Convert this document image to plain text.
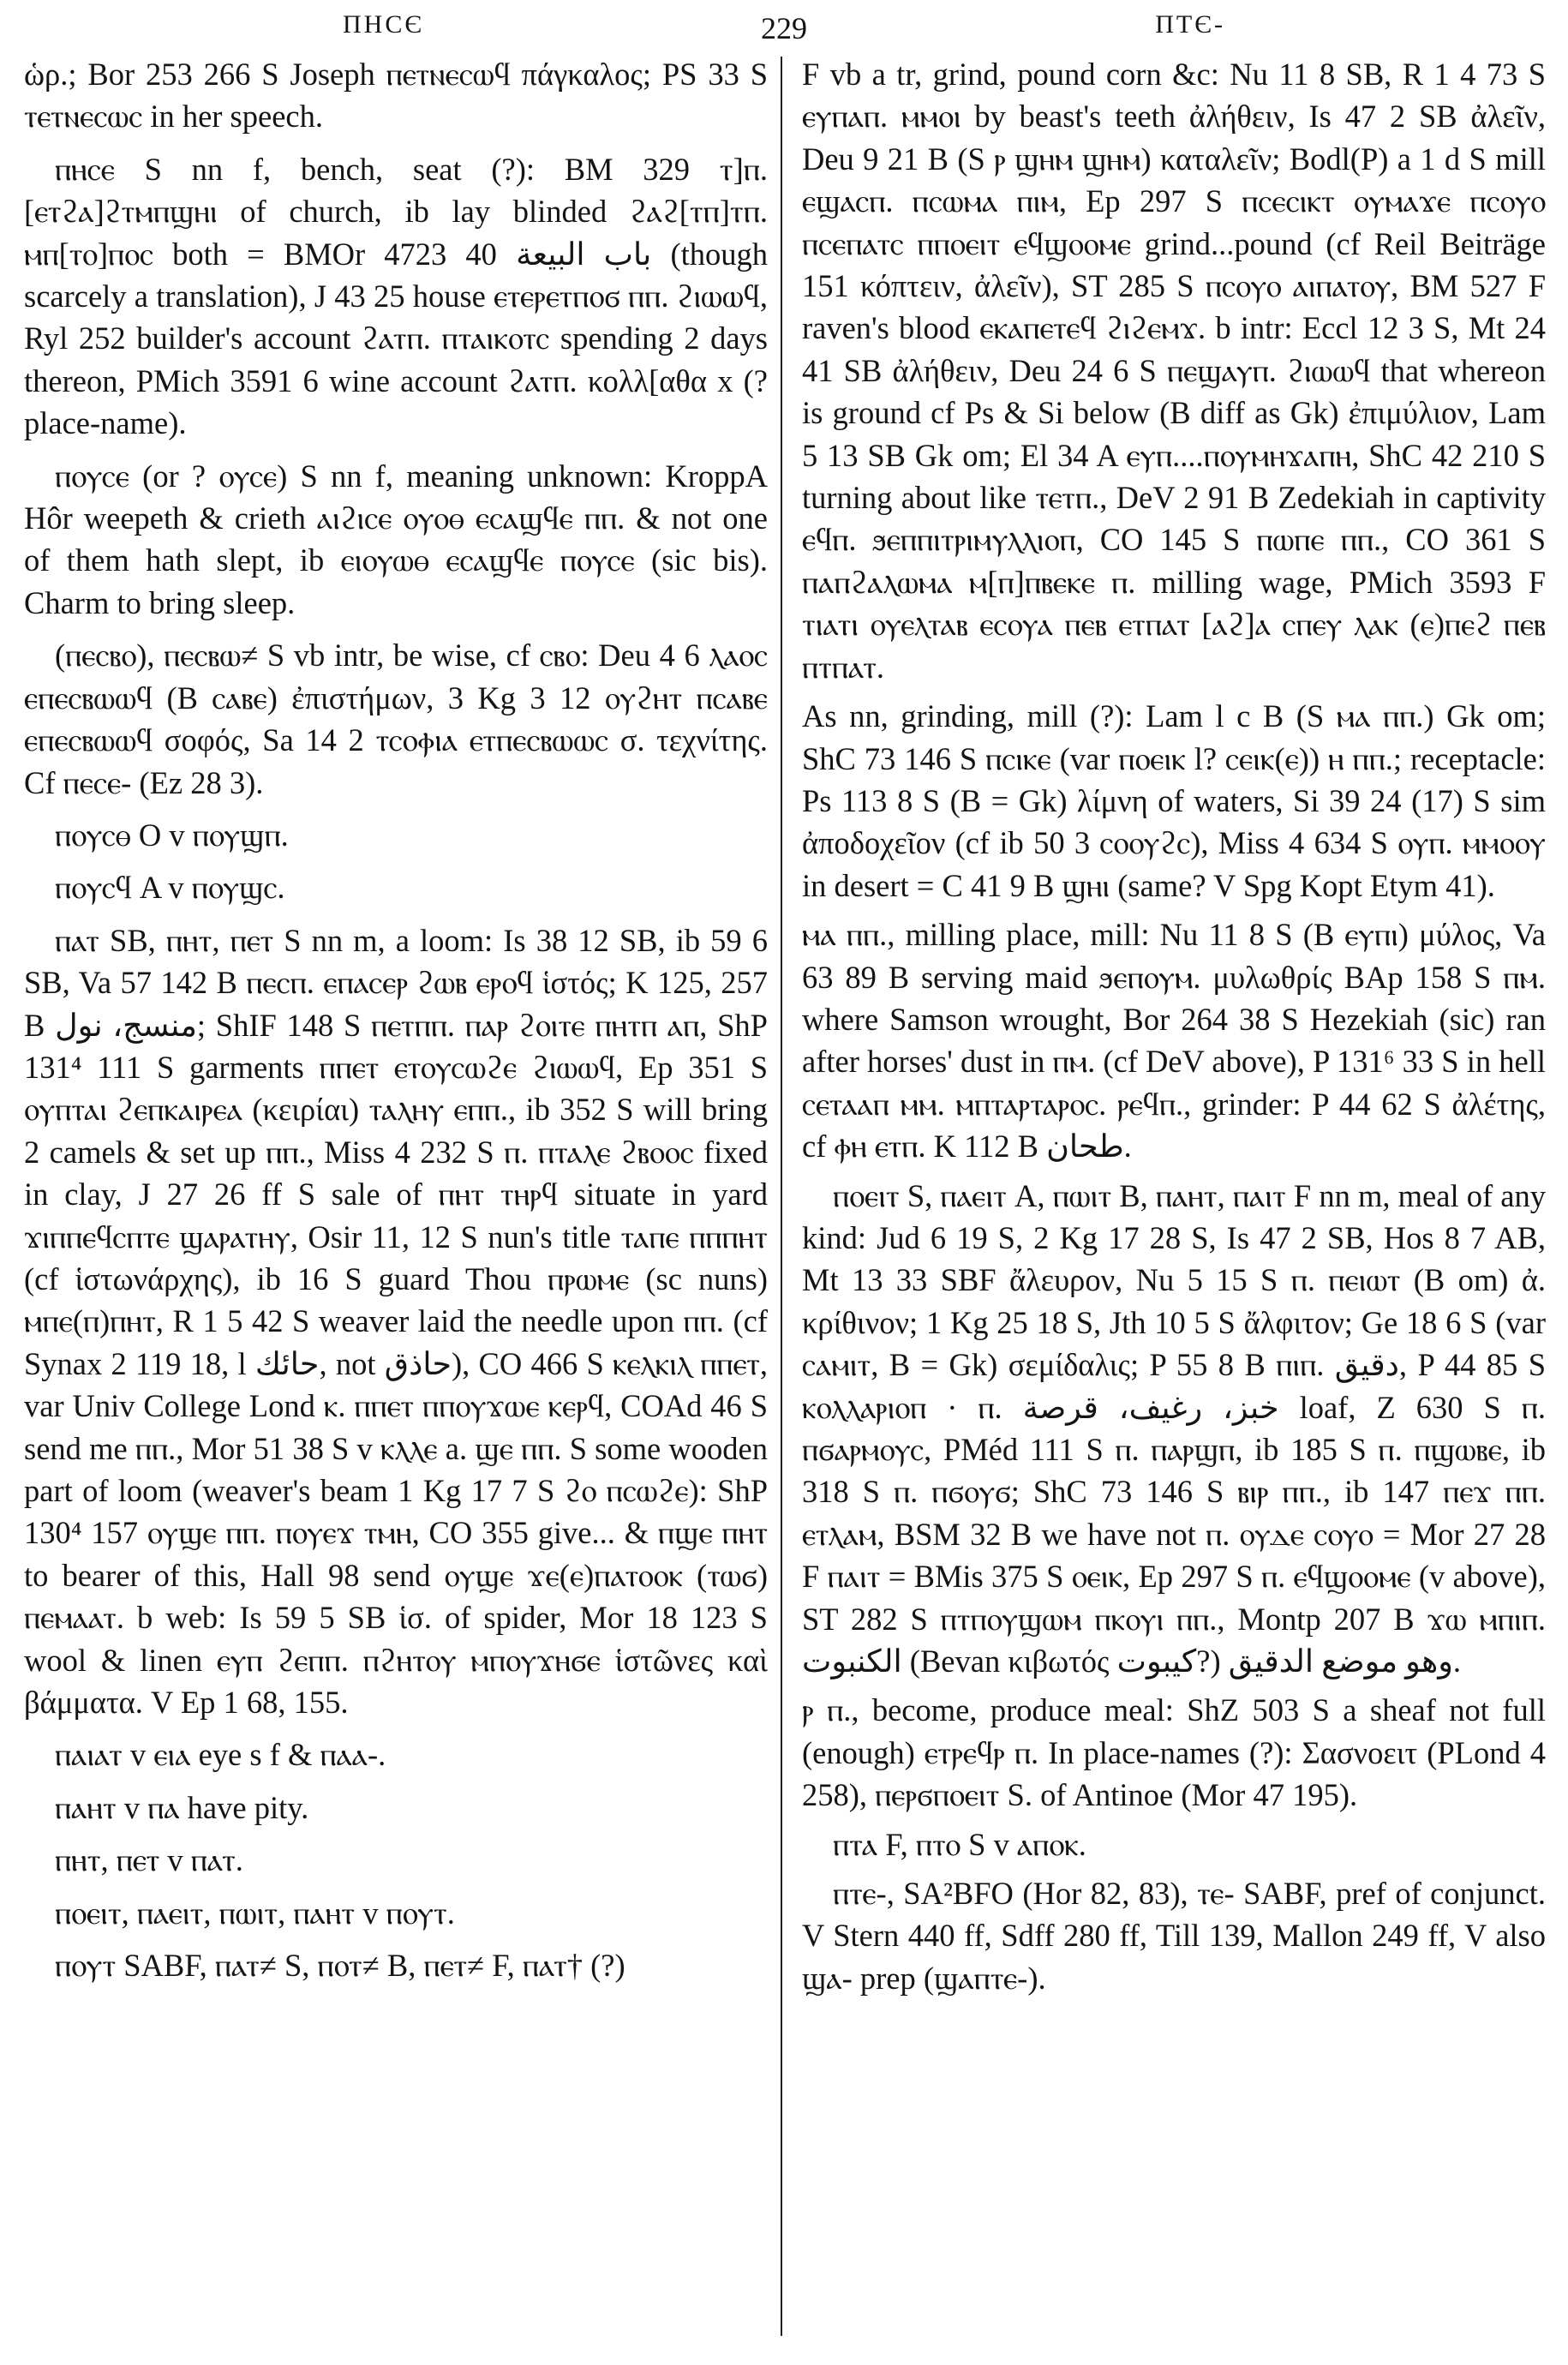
ΠΗCЄ	229	ΠΤЄ-

ὡρ.; Bor 253 266 S Joseph ⲡⲉⲧⲛⲉⲥⲱϥ πάγκαλος; PS 33 S ⲧⲉⲧⲛⲉⲥⲱⲥ in her speech.

ⲡⲏⲥⲉ S nn f, bench, seat (?): BM 329 ⲧ]ⲡ. [ⲉⲧϩⲁ]ϩⲧⲙⲡϣⲏⲓ of church, ib lay blinded ϩⲁϩ[ⲧⲡ]ⲧⲡ. ⲙⲡ[ⲧⲟ]ⲡⲟⲥ both = BMOr 4723 40 باب البيعة (though scarcely a translation), J 43 25 house ⲉⲧⲉⲣⲉⲧⲡⲟϭ ⲡⲡ. ϩⲓⲱⲱϥ, Ryl 252 builder's account ϩⲁⲧⲡ. ⲡⲧⲁⲓⲕⲟⲧⲥ spending 2 days thereon, PMich 3591 6 wine account ϩⲁⲧⲡ. κολλ[αθα x (? place-name).

ⲡⲟⲩⲥⲉ (or ? ⲟⲩⲥⲉ) S nn f, meaning unknown: KroppA Hôr weepeth & crieth ⲁⲓϩⲓⲥⲉ ⲟⲩⲟⲑ ⲉⲥⲁϣϥⲉ ⲡⲡ. & not one of them hath slept, ib ⲉⲓⲟⲩⲱⲑ ⲉⲥⲁϣϥⲉ ⲡⲟⲩⲥⲉ (sic bis). Charm to bring sleep.

(ⲡⲉⲥⲃⲟ), ⲡⲉⲥⲃⲱ≠ S vb intr, be wise, cf ⲥⲃⲟ: Deu 4 6 ⲗⲁⲟⲥ ⲉⲡⲉⲥⲃⲱⲱϥ (B ⲥⲁⲃⲉ) ἐπιστήμων, 3 Kg 3 12 ⲟⲩϩⲏⲧ ⲡⲥⲁⲃⲉ ⲉⲡⲉⲥⲃⲱⲱϥ σοφός, Sa 14 2 ⲧⲥⲟⲫⲓⲁ ⲉⲧⲡⲉⲥⲃⲱⲱⲥ σ. τεχνίτης. Cf ⲡⲉⲥⲉ- (Ez 28 3).

ⲡⲟⲩⲥⲑ O v ⲡⲟⲩϣⲡ.

ⲡⲟⲩⲥϥ A v ⲡⲟⲩϣⲥ.

ⲡⲁⲧ SB, ⲡⲏⲧ, ⲡⲉⲧ S nn m, a loom: Is 38 12 SB, ib 59 6 SB, Va 57 142 B ⲡⲉⲥⲡ. ⲉⲡⲁⲥⲉⲣ ϩⲱⲃ ⲉⲣⲟϥ ἱστός; K 125, 257 B منسج، نول; ShIF 148 S ⲡⲉⲧⲡⲡ. ⲡⲁⲣ ϩⲟⲓⲧⲉ ⲡⲏⲧⲡ ⲁⲡ, ShP 131⁴ 111 S garments ⲡⲡⲉⲧ ⲉⲧⲟⲩⲥⲱϩⲉ ϩⲓⲱⲱϥ, Ep 351 S ⲟⲩⲡⲧⲁⲓ ϩⲉⲡⲕⲁⲓⲣⲉⲁ (κειρίαι) ⲧⲁⲗⲏⲩ ⲉⲡⲡ., ib 352 S will bring 2 camels & set up ⲡⲡ., Miss 4 232 S ⲡ. ⲡⲧⲁⲗⲉ ϩⲃⲟⲟⲥ fixed in clay, J 27 26 ff S sale of ⲡⲏⲧ ⲧⲏⲣϥ situate in yard ϫⲓⲡⲡⲉϥⲥⲡⲧⲉ ϣⲁⲣⲁⲧⲏⲩ, Osir 11, 12 S nun's title ⲧⲁⲡⲉ ⲡⲡⲡⲏⲧ (cf ἱστωνάρχης), ib 16 S guard Thou ⲡⲣⲱⲙⲉ (sc nuns) ⲙⲡⲉ(ⲡ)ⲡⲏⲧ, R 1 5 42 S weaver laid the needle upon ⲡⲡ. (cf Synax 2 119 18, l حائك, not حاذق), CO 466 S ⲕⲉⲗⲕⲓⲗ ⲡⲡⲉⲧ, var Univ College Lond ⲕ. ⲡⲡⲉⲧ ⲡⲡⲟⲩϫⲱⲉ ⲕⲉⲣϥ, COAd 46 S send me ⲡⲡ., Mor 51 38 S v ⲕⲗⲗⲉ a. ϣⲉ ⲡⲡ. S some wooden part of loom (weaver's beam 1 Kg 17 7 S ϩⲟ ⲡⲥⲱϩⲉ): ShP 130⁴ 157 ⲟⲩϣⲉ ⲡⲡ. ⲡⲟⲩⲉϫ ⲧⲙⲏ, CO 355 give... & ⲡϣⲉ ⲡⲏⲧ to bearer of this, Hall 98 send ⲟⲩϣⲉ ϫⲉ(ⲉ)ⲡⲁⲧⲟⲟⲕ (ⲧⲱϭ) ⲡⲉⲙⲁⲁⲧ. b web: Is 59 5 SB ἱσ. of spider, Mor 18 123 S wool & linen ⲉⲩⲡ ϩⲉⲡⲡ. ⲡϩⲏⲧⲟⲩ ⲙⲡⲟⲩϫⲏϭⲉ ἱστῶνες καὶ βάμματα. V Ep 1 68, 155.

ⲡⲁⲓⲁⲧ v ⲉⲓⲁ eye s f & ⲡⲁⲁ-.

ⲡⲁⲏⲧ v ⲡⲁ have pity.

ⲡⲏⲧ, ⲡⲉⲧ v ⲡⲁⲧ.

ⲡⲟⲉⲓⲧ, ⲡⲁⲉⲓⲧ, ⲡⲱⲓⲧ, ⲡⲁⲏⲧ v ⲡⲟⲩⲧ.

ⲡⲟⲩⲧ SABF, ⲡⲁⲧ≠ S, ⲡⲟⲧ≠ B, ⲡⲉⲧ≠ F, ⲡⲁⲧ† (?)

F vb a tr, grind, pound corn &c: Nu 11 8 SB, R 1 4 73 S ⲉⲩⲡⲁⲡ. ⲙⲙⲟⲓ by beast's teeth ἀλήθειν, Is 47 2 SB ἀλεῖν, Deu 9 21 B (S ⲣ ϣⲏⲙ ϣⲏⲙ) καταλεῖν; Bodl(P) a 1 d S mill ⲉϣⲁⲥⲡ. ⲡⲥⲱⲙⲁ ⲡⲓⲙ, Ep 297 S ⲡⲥⲉⲥⲓⲕⲧ ⲟⲩⲙⲁϫⲉ ⲡⲥⲟⲩⲟ ⲡⲥⲉⲡⲁⲧⲥ ⲡⲡⲟⲉⲓⲧ ⲉϥϣⲟⲟⲙⲉ grind...pound (cf Reil Beiträge 151 κόπτειν, ἀλεῖν), ST 285 S ⲡⲥⲟⲩⲟ ⲁⲓⲡⲁⲧⲟⲩ, BM 527 F raven's blood ⲉⲕⲁⲡⲉⲧⲉϥ ϩⲓϩⲉⲙϫ. b intr: Eccl 12 3 S, Mt 24 41 SB ἀλήθειν, Deu 24 6 S ⲡⲉϣⲁⲩⲡ. ϩⲓⲱⲱϥ that whereon is ground cf Ps & Si below (B diff as Gk) ἐπιμύλιον, Lam 5 13 SB Gk om; El 34 A ⲉⲩⲡ....ⲡⲟⲩⲙⲏϫⲁⲡⲏ, ShC 42 210 S turning about like ⲧⲉⲧⲡ., DeV 2 91 B Zedekiah in captivity ⲉϥⲡ. ϧⲉⲡⲡⲓⲧⲣⲓⲙⲩⲗⲗⲓⲟⲡ, CO 145 S ⲡⲱⲡⲉ ⲡⲡ., CO 361 S ⲡⲁⲡϩⲁⲗⲱⲙⲁ ⲙ[ⲡ]ⲡⲃⲉⲕⲉ ⲡ. milling wage, PMich 3593 F ⲧⲓⲁⲧⲓ ⲟⲩⲉⲗⲧⲁⲃ ⲉⲥⲟⲩⲁ ⲡⲉⲃ ⲉⲧⲡⲁⲧ [ⲁϩ]ⲁ ⲥⲡⲉⲩ ⲗⲁⲕ (ⲉ)ⲡⲉϩ ⲡⲉⲃ ⲡⲧⲡⲁⲧ.

As nn, grinding, mill (?): Lam l c B (S ⲙⲁ ⲡⲡ.) Gk om; ShC 73 146 S ⲡⲥⲓⲕⲉ (var ⲡⲟⲉⲓⲕ l? ⲥⲉⲓⲕ(ⲉ)) ⲏ ⲡⲡ.; receptacle: Ps 113 8 S (B = Gk) λίμνη of waters, Si 39 24 (17) S sim ἀποδοχεῖον (cf ib 50 3 ⲥⲟⲟⲩϩⲥ), Miss 4 634 S ⲟⲩⲡ. ⲙⲙⲟⲟⲩ in desert = C 41 9 B ϣⲏⲓ (same? V Spg Kopt Etym 41).

ⲙⲁ ⲡⲡ., milling place, mill: Nu 11 8 S (B ⲉⲩⲡⲓ) μύλος, Va 63 89 B serving maid ϧⲉⲡⲟⲩⲙ. μυλωθρίς BAp 158 S ⲡⲙ. where Samson wrought, Bor 264 38 S Hezekiah (sic) ran after horses' dust in ⲡⲙ. (cf DeV above), P 131⁶ 33 S in hell ⲥⲉⲧⲁⲁⲡ ⲙⲙ. ⲙⲡⲧⲁⲣⲧⲁⲣⲟⲥ. ⲣⲉϥⲡ., grinder: P 44 62 S ἀλέτης, cf ⲫⲏ ⲉⲧⲡ. K 112 B طحان.

ⲡⲟⲉⲓⲧ S, ⲡⲁⲉⲓⲧ A, ⲡⲱⲓⲧ B, ⲡⲁⲏⲧ, ⲡⲁⲓⲧ F nn m, meal of any kind: Jud 6 19 S, 2 Kg 17 28 S, Is 47 2 SB, Hos 8 7 AB, Mt 13 33 SBF ἄλευρον, Nu 5 15 S ⲡ. ⲡⲉⲓⲱⲧ (B om) ἀ. κρίθινον; 1 Kg 25 18 S, Jth 10 5 S ἄλφιτον; Ge 18 6 S (var ⲥⲁⲙⲓⲧ, B = Gk) σεμίδαλις; P 55 8 B ⲡⲓⲡ. دقيق, P 44 85 S ⲕⲟⲗⲗⲁⲣⲓⲟⲡ · ⲡ. خبز، رغيف، قرصة loaf, Z 630 S ⲡ. ⲡϭⲁⲣⲙⲟⲩⲥ, PMéd 111 S ⲡ. ⲡⲁⲣϣⲡ, ib 185 S ⲡ. ⲡϣⲱⲃⲉ, ib 318 S ⲡ. ⲡϭⲟⲩϭ; ShC 73 146 S ⲃⲓⲣ ⲡⲡ., ib 147 ⲡⲉϫ ⲡⲡ. ⲉⲧⲗⲁⲙ, BSM 32 B we have not ⲡ. ⲟⲩⲇⲉ ⲥⲟⲩⲟ = Mor 27 28 F ⲡⲁⲓⲧ = BMis 375 S ⲟⲉⲓⲕ, Ep 297 S ⲡ. ⲉϥϣⲟⲟⲙⲉ (v above), ST 282 S ⲡⲧⲡⲟⲩϣⲱⲙ ⲡⲕⲟⲩⲓ ⲡⲡ., Montp 207 B ϫⲱ ⲙⲡⲓⲡ. الكنبوت (Bevan κιβωτός كيبوت?) وهو موضع الدقيق.

ⲣ ⲡ., become, produce meal: ShZ 503 S a sheaf not full (enough) ⲉⲧⲣⲉϥⲣ ⲡ. In place-names (?): Σασνοειτ (PLond 4 258), ⲡⲉⲣϭⲡⲟⲉⲓⲧ S. of Antinoe (Mor 47 195).

ⲡⲧⲁ F, ⲡⲧⲟ S v ⲁⲡⲟⲕ.

ⲡⲧⲉ-, SA²BFO (Hor 82, 83), ⲧⲉ- SABF, pref of conjunct. V Stern 440 ff, Sdff 280 ff, Till 139, Mallon 249 ff, V also ϣⲁ- prep (ϣⲁⲡⲧⲉ-).
